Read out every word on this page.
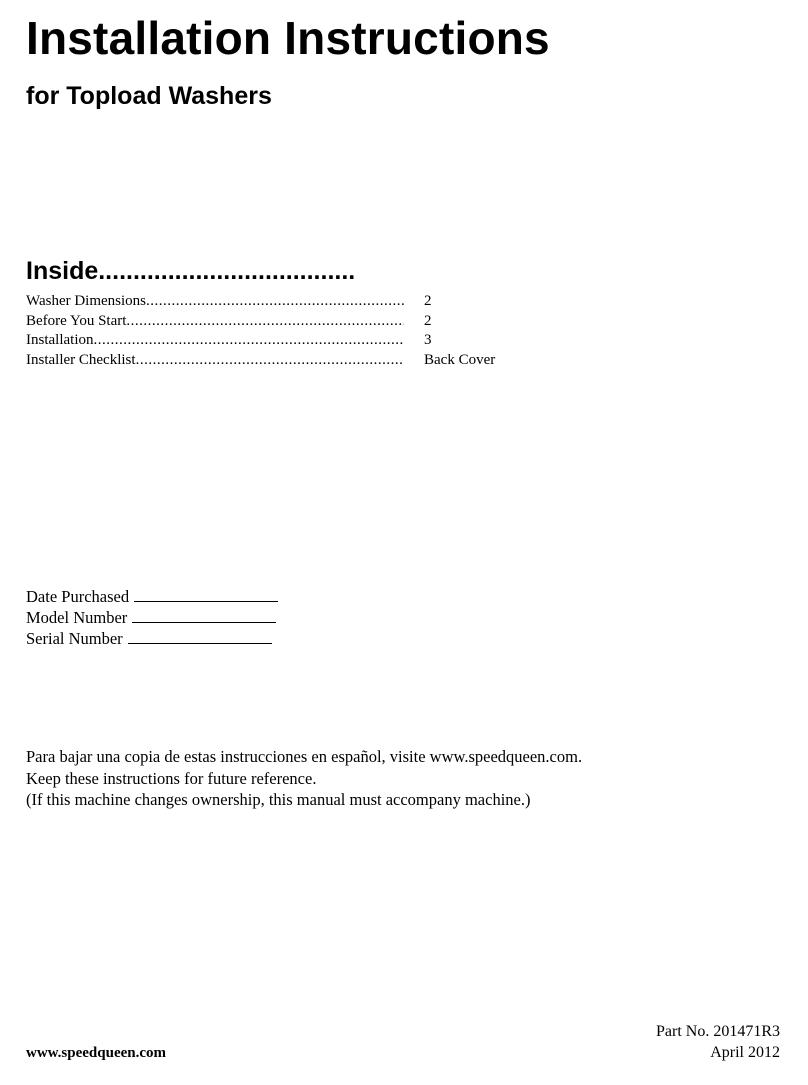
Installation Instructions
for Topload Washers
Inside.....................................
Washer Dimensions .....	2
Before You Start .....	2
Installation .....	3
Installer Checklist .....	Back Cover
Date Purchased
Model Number
Serial Number

Para bajar una copia de estas instrucciones en español, visite www.speedqueen.com.

Keep these instructions for future reference.

(If this machine changes ownership, this manual must accompany machine.)

www.speedqueen.com
Part No. 201471R3
April 2012
